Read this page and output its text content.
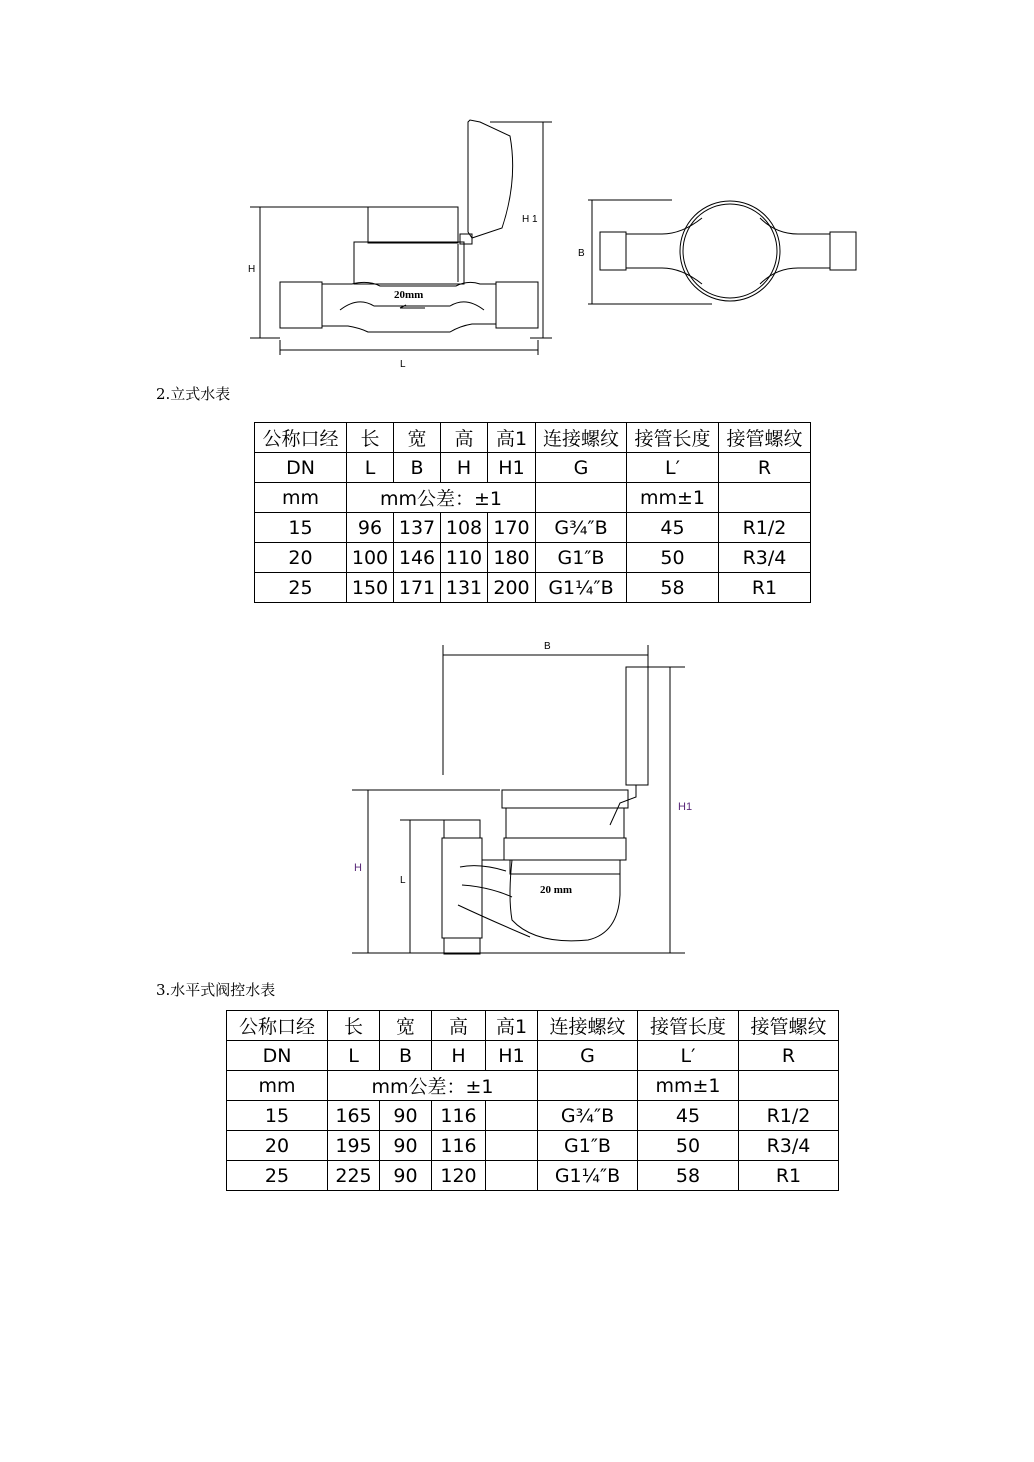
H
H 1
L
20mm
B
2.立式水表
公称口经	长	宽	高	高1	连接螺纹	接管长度	接管螺纹
DN	L	B	H	H1	G	L′	R
mm	mm公差：±1					mm±1	
15	96	137	108	170	G¾″B	45	R1/2
20	100	146	110	180	G1″B	50	R3/4
25	150	171	131	200	G1¼″B	58	R1
B
H1
H
L
20 mm
3.水平式阀控水表
公称口经	长	宽	高	高1	连接螺纹	接管长度	接管螺纹
DN	L	B	H	H1	G	L′	R
mm	mm公差：±1					mm±1	
15	165	90	116		G¾″B	45	R1/2
20	195	90	116		G1″B	50	R3/4
25	225	90	120		G1¼″B	58	R1
